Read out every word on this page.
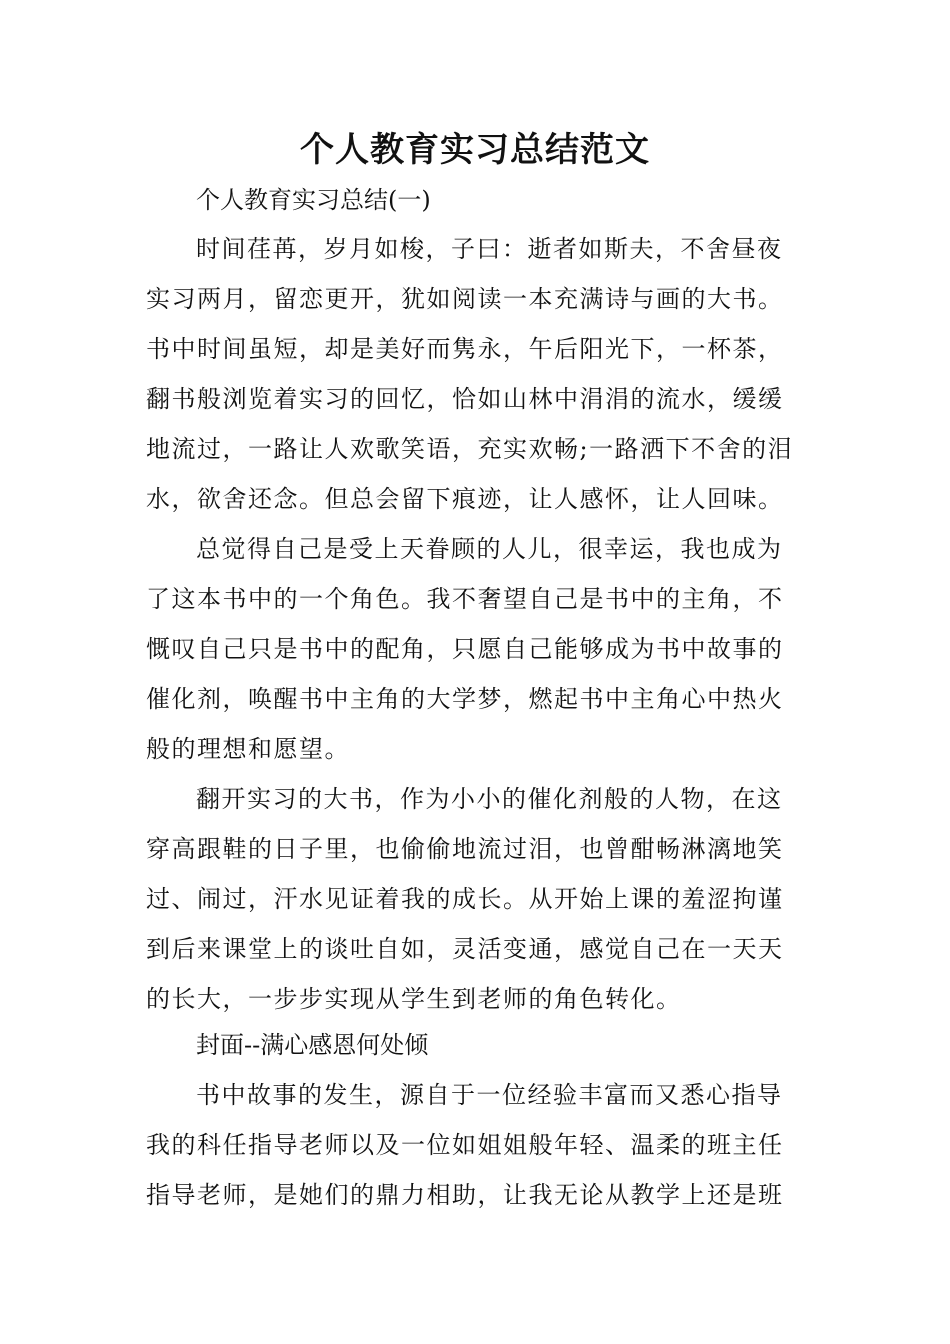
个人教育实习总结范文

个人教育实习总结(一)

时间荏苒，岁月如梭，子曰：逝者如斯夫，不舍昼夜
实习两月，留恋更开，犹如阅读一本充满诗与画的大书。
书中时间虽短，却是美好而隽永，午后阳光下，一杯茶，
翻书般浏览着实习的回忆，恰如山林中涓涓的流水，缓缓
地流过，一路让人欢歌笑语，充实欢畅;一路洒下不舍的泪
水，欲舍还念。但总会留下痕迹，让人感怀，让人回味。
总觉得自己是受上天眷顾的人儿，很幸运，我也成为
了这本书中的一个角色。我不奢望自己是书中的主角，不
慨叹自己只是书中的配角，只愿自己能够成为书中故事的
催化剂，唤醒书中主角的大学梦，燃起书中主角心中热火
般的理想和愿望。
翻开实习的大书，作为小小的催化剂般的人物，在这
穿高跟鞋的日子里，也偷偷地流过泪，也曾酣畅淋漓地笑
过、闹过，汗水见证着我的成长。从开始上课的羞涩拘谨
到后来课堂上的谈吐自如，灵活变通，感觉自己在一天天
的长大，一步步实现从学生到老师的角色转化。

封面--满心感恩何处倾

书中故事的发生，源自于一位经验丰富而又悉心指导
我的科任指导老师以及一位如姐姐般年轻、温柔的班主任
指导老师，是她们的鼎力相助，让我无论从教学上还是班
